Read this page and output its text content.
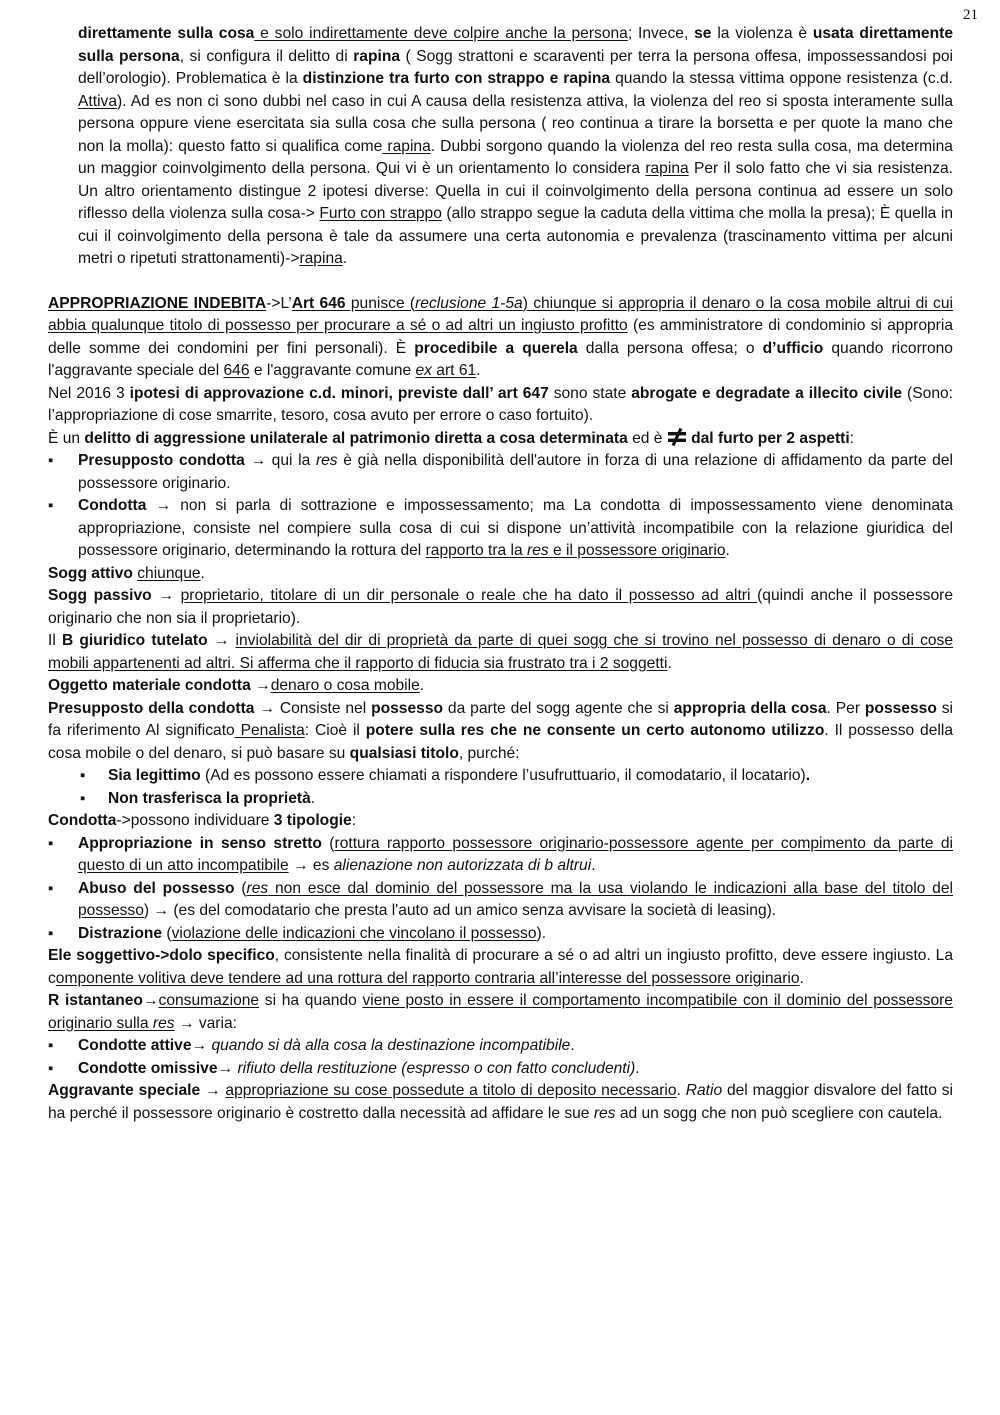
21

direttamente sulla cosa e solo indirettamente deve colpire anche la persona; Invece, se la violenza è usata direttamente sulla persona, si configura il delitto di rapina ( Sogg strattoni e scaraventi per terra la persona offesa, impossessandosi poi dell’orologio). Problematica è la distinzione tra furto con strappo e rapina quando la stessa vittima oppone resistenza (c.d. Attiva). Ad es non ci sono dubbi nel caso in cui A causa della resistenza attiva, la violenza del reo si sposta interamente sulla persona oppure viene esercitata sia sulla cosa che sulla persona ( reo continua a tirare la borsetta e per quote la mano che non la molla): questo fatto si qualifica come rapina. Dubbi sorgono quando la violenza del reo resta sulla cosa, ma determina un maggior coinvolgimento della persona. Qui vi è un orientamento lo considera rapina Per il solo fatto che vi sia resistenza. Un altro orientamento distingue 2 ipotesi diverse: Quella in cui il coinvolgimento della persona continua ad essere un solo riflesso della violenza sulla cosa-> Furto con strappo (allo strappo segue la caduta della vittima che molla la presa); È quella in cui il coinvolgimento della persona è tale da assumere una certa autonomia e prevalenza (trascinamento vittima per alcuni metri o ripetuti strattonamenti)->rapina.

APPROPRIAZIONE INDEBITA->L’Art 646 punisce (reclusione 1-5a) chiunque si appropria il denaro o la cosa mobile altrui di cui abbia qualunque titolo di possesso per procurare a sé o ad altri un ingiusto profitto (es amministratore di condominio si appropria delle somme dei condomini per fini personali). È procedibile a querela dalla persona offesa; o d’ufficio quando ricorrono l'aggravante speciale del 646 e l'aggravante comune ex art 61.

Nel 2016 3 ipotesi di approvazione c.d. minori, previste dall’ art 647 sono state abrogate e degradate a illecito civile (Sono: l’appropriazione di cose smarrite, tesoro, cosa avuto per errore o caso fortuito).

È un delitto di aggressione unilaterale al patrimonio diretta a cosa determinata ed è  dal furto per 2 aspetti:

▪ Presupposto condotta → qui la res è già nella disponibilità dell'autore in forza di una relazione di affidamento da parte del possessore originario.
▪ Condotta → non si parla di sottrazione e impossessamento; ma La condotta di impossessamento viene denominata appropriazione, consiste nel compiere sulla cosa di cui si dispone un’attività incompatibile con la relazione giuridica del possessore originario, determinando la rottura del rapporto tra la res e il possessore originario.

Sogg attivo chiunque.

Sogg passivo → proprietario, titolare di un dir personale o reale che ha dato il possesso ad altri (quindi anche il possessore originario che non sia il proprietario).

Il B giuridico tutelato → inviolabilità del dir di proprietà da parte di quei sogg che si trovino nel possesso di denaro o di cose mobili appartenenti ad altri. Si afferma che il rapporto di fiducia sia frustrato tra i 2 soggetti.

Oggetto materiale condotta →denaro o cosa mobile.

Presupposto della condotta → Consiste nel possesso da parte del sogg agente che si appropria della cosa. Per possesso si fa riferimento Al significato Penalista: Cioè il potere sulla res che ne consente un certo autonomo utilizzo. Il possesso della cosa mobile o del denaro, si può basare su qualsiasi titolo, purché:

▪ Sia legittimo (Ad es possono essere chiamati a rispondere l’usufruttuario, il comodatario, il locatario).
▪ Non trasferisca la proprietà.

Condotta->possono individuare 3 tipologie:

▪ Appropriazione in senso stretto (rottura rapporto possessore originario-possessore agente per compimento da parte di questo di un atto incompatibile → es alienazione non autorizzata di b altrui.
▪ Abuso del possesso (res non esce dal dominio del possessore ma la usa violando le indicazioni alla base del titolo del possesso) → (es del comodatario che presta l'auto ad un amico senza avvisare la società di leasing).
▪ Distrazione (violazione delle indicazioni che vincolano il possesso).

Ele soggettivo->dolo specifico, consistente nella finalità di procurare a sé o ad altri un ingiusto profitto, deve essere ingiusto. La componente volitiva deve tendere ad una rottura del rapporto contraria all’interesse del possessore originario.

R istantaneo→consumazione si ha quando viene posto in essere il comportamento incompatibile con il dominio del possessore originario sulla res → varia:

▪ Condotte attive→ quando si dà alla cosa la destinazione incompatibile.
▪ Condotte omissive→ rifiuto della restituzione (espresso o con fatto concludenti).

Aggravante speciale → appropriazione su cose possedute a titolo di deposito necessario. Ratio del maggior disvalore del fatto si ha perché il possessore originario è costretto dalla necessità ad affidare le sue res ad un sogg che non può scegliere con cautela.
